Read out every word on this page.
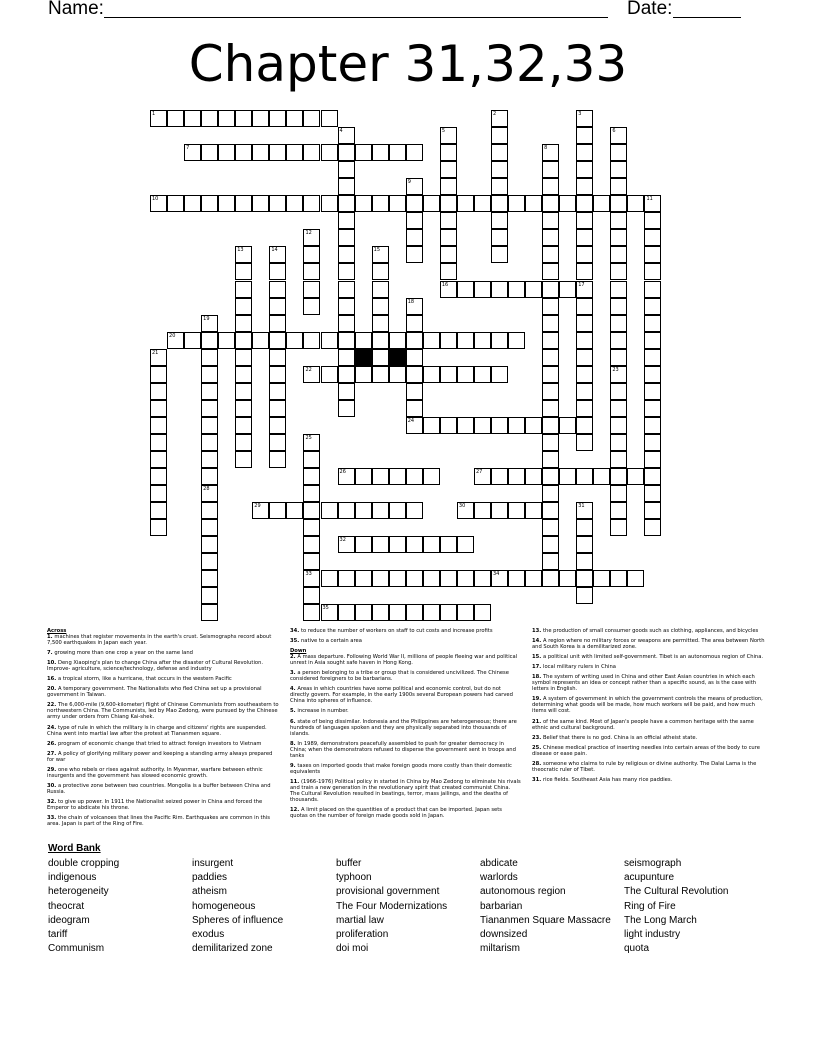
Name:	Date:
Chapter 31,32,33
1
7
10	11
16	17
20
22
24
26	27
29	30
32
33	34
35
2	3
4	5	6
23
8
9
12
13	14	15
18
19
21
25
28
31
Across
1. machines that register movements in the earth's crust. Seismographs record about 7,500 earthquakes in Japan each year.
7. growing more than one crop a year on the same land
10. Deng Xiaoping's plan to change China after the disaster of Cultural Revolution. Improve- agriculture, science/technology, defense and industry
16. a tropical storm, like a hurricane, that occurs in the western Pacific
20. A temporary government. The Nationalists who fled China set up a provisional government in Taiwan.
22. The 6,000-mile (9,600-kilometer) flight of Chinese Communists from southeastern to northwestern China. The Communists, led by Mao Zedong, were pursued by the Chinese army under orders from Chiang Kai-shek.
24. type of rule in which the military is in charge and citizens' rights are suspended. China went into martial law after the protest at Tiananmen square.
26. program of economic change that tried to attract foreign investors to Vietnam
27. A policy of glorifying military power and keeping a standing army always prepared for war
29. one who rebels or rises against authority. In Myanmar, warfare between ethnic insurgents and the government has slowed economic growth.
30. a protective zone between two countries. Mongolia is a buffer between China and Russia.
32. to give up power. In 1911 the Nationalist seized power in China and forced the Emperor to abdicate his throne.
33. the chain of volcanoes that lines the Pacific Rim. Earthquakes are common in this area. Japan is part of the Ring of Fire.
34. to reduce the number of workers on staff to cut costs and increase profits
35. native to a certain area
Down
2. A mass departure. Following World War II, millions of people fleeing war and political unrest in Asia sought safe haven in Hong Kong.
3. a person belonging to a tribe or group that is considered uncivilized. The Chinese considered foreigners to be barbarians.
4. Areas in which countries have some political and economic control, but do not directly govern. For example, in the early 1900s several European powers had carved China into spheres of influence.
5. increase in number.
6. state of being dissimilar. Indonesia and the Philippines are heterogeneous; there are hundreds of languages spoken and they are physically separated into thousands of islands.
8. In 1989, demonstrators peacefully assembled to push for greater democracy in China; when the demonstrators refused to disperse the government sent in troops and tanks
9. taxes on imported goods that make foreign goods more costly than their domestic equivalents
11. (1966-1976) Political policy in started in China by Mao Zedong to eliminate his rivals and train a new generation in the revolutionary spirit that created communist China. The Cultural Revolution resulted in beatings, terror, mass jailings, and the deaths of thousands.
12. A limit placed on the quantities of a product that can be imported. Japan sets quotas on the number of foreign made goods sold in Japan.
13. the production of small consumer goods such as clothing, appliances, and bicycles
14. A region where no military forces or weapons are permitted. The area between North and South Korea is a demilitarized zone.
15. a political unit with limited self-government. Tibet is an autonomous region of China.
17. local military rulers in China
18. The system of writing used in China and other East Asian countries in which each symbol represents an idea or concept rather than a specific sound, as is the case with letters in English.
19. A system of government in which the government controls the means of production, determining what goods will be made, how much workers will be paid, and how much items will cost.
21. of the same kind. Most of Japan's people have a common heritage with the same ethnic and cultural background.
23. Belief that there is no god. China is an official atheist state.
25. Chinese medical practice of inserting needles into certain areas of the body to cure disease or ease pain.
28. someone who claims to rule by religious or divine authority. The Dalai Lama is the theocratic ruler of Tibet.
31. rice fields. Southeast Asia has many rice paddies.
Word Bank
double cropping
indigenous
heterogeneity
theocrat
ideogram
tariff
Communism
insurgent
paddies
atheism
homogeneous
Spheres of influence
exodus
demilitarized zone
buffer
typhoon
provisional government
The Four Modernizations
martial law
proliferation
doi moi
abdicate
warlords
autonomous region
barbarian
Tiananmen Square Massacre
downsized
miltarism
seismograph
acupunture
The Cultural Revolution
Ring of Fire
The Long March
light industry
quota
